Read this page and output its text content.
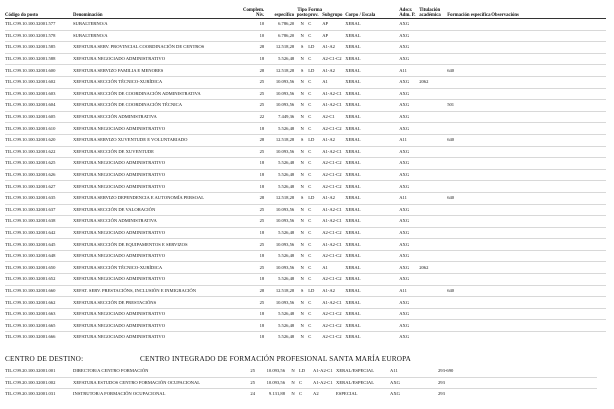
Código do posto	Denominación	Complem. Nív.	específico	Tipo posto	Forma prov.	Subgrupo	Corpo / Escala	Adscr. Adm. P.	Titulación académica	Formación específica	Observacións
TIL.C99.10.100.32001.577	SUBALTERNO/A	10	6.786,20	N	C	AP	XERAL	AXG			
TIL.C99.10.100.32001.578	SUBALTERNO/A	10	6.786,20	N	C	AP	XERAL	AXG			
TIL.C99.10.100.32001.585	XEFATURA SERV. PROVINCIAL COORDINACIÓN DE CENTROS	28	12.518,28	S	LD	A1-A2	XERAL	AXG			
TIL.C99.10.100.32001.588	XEFATURA NEGOCIADO ADMINISTRATIVO	18	5.526,48	N	C	A2-C1-C2	XERAL	AXG			
TIL.C99.10.100.32001.600	XEFATURA SERVIZO FAMILIA E MENORES	28	12.518,28	S	LD	A1-A2	XERAL	A11		640	
TIL.C99.10.100.32001.602	XEFATURA SECCIÓN TÉCNICO-XURÍDICA	25	10.093,56	N	C	A1	XERAL	AXG	2062		
TIL.C99.10.100.32001.603	XEFATURA SECCIÓN DE COORDINACIÓN ADMINISTRATIVA	25	10.093,56	N	C	A1-A2-C1	XERAL	AXG			
TIL.C99.10.100.32001.604	XEFATURA SECCIÓN DE COORDINACIÓN TÉCNICA	25	10.093,56	N	C	A1-A2-C1	XERAL	AXG		501	
TIL.C99.10.100.32001.605	XEFATURA SECCIÓN ADMINISTRATIVA	22	7.449,36	N	C	A2-C1	XERAL	AXG			
TIL.C99.10.100.32001.610	XEFATURA NEGOCIADO ADMINISTRATIVO	18	5.526,48	N	C	A2-C1-C2	XERAL	AXG			
TIL.C99.10.100.32001.620	XEFATURA SERVIZO XUVENTUDE E VOLUNTARIADO	28	12.518,28	S	LD	A1-A2	XERAL	A11		640	
TIL.C99.10.100.32001.622	XEFATURA SECCIÓN DE XUVENTUDE	25	10.093,56	N	C	A1-A2-C1	XERAL	AXG			
TIL.C99.10.100.32001.625	XEFATURA NEGOCIADO ADMINISTRATIVO	18	5.526,48	N	C	A2-C1-C2	XERAL	AXG			
TIL.C99.10.100.32001.626	XEFATURA NEGOCIADO ADMINISTRATIVO	18	5.526,48	N	C	A2-C1-C2	XERAL	AXG			
TIL.C99.10.100.32001.627	XEFATURA NEGOCIADO ADMINISTRATIVO	18	5.526,48	N	C	A2-C1-C2	XERAL	AXG			
TIL.C99.10.100.32001.635	XEFATURA SERVIZO DEPENDENCIA E AUTONOMÍA PERSOAL	28	12.518,28	S	LD	A1-A2	XERAL	A11		640	
TIL.C99.10.100.32001.637	XEFATURA SECCIÓN DE VALORACIÓN	25	10.093,56	N	C	A1-A2-C1	XERAL	AXG			
TIL.C99.10.100.32001.638	XEFATURA SECCIÓN ADMINISTRATIVA	25	10.093,56	N	C	A1-A2-C1	XERAL	AXG			
TIL.C99.10.100.32001.642	XEFATURA NEGOCIADO ADMINISTRATIVO	18	5.526,48	N	C	A2-C1-C2	XERAL	AXG			
TIL.C99.10.100.32001.645	XEFATURA SECCIÓN DE EQUIPAMENTOS E SERVIZOS	25	10.093,56	N	C	A1-A2-C1	XERAL	AXG			
TIL.C99.10.100.32001.648	XEFATURA NEGOCIADO ADMINISTRATIVO	18	5.526,48	N	C	A2-C1-C2	XERAL	AXG			
TIL.C99.10.100.32001.650	XEFATURA SECCIÓN TÉCNICO-XURÍDICA	25	10.093,56	N	C	A1	XERAL	AXG	2062		
TIL.C99.10.100.32001.652	XEFATURA NEGOCIADO ADMINISTRATIVO	18	5.526,48	N	C	A2-C1-C2	XERAL	AXG			
TIL.C99.10.100.32001.660	XEFAT. SERV. PRESTACIÓNS, INCLUSIÓN E INMIGRACIÓN	28	12.518,28	S	LD	A1-A2	XERAL	A11		640	
TIL.C99.10.100.32001.662	XEFATURA SECCIÓN DE PRESTACIÓNS	25	10.093,56	N	C	A1-A2-C1	XERAL	AXG			
TIL.C99.10.100.32001.663	XEFATURA NEGOCIADO ADMINISTRATIVO	18	5.526,48	N	C	A2-C1-C2	XERAL	AXG			
TIL.C99.10.100.32001.665	XEFATURA NEGOCIADO ADMINISTRATIVO	18	5.526,48	N	C	A2-C1-C2	XERAL	AXG			
TIL.C99.10.100.32001.666	XEFATURA NEGOCIADO ADMINISTRATIVO	18	5.526,48	N	C	A2-C1-C2	XERAL	AXG			
CENTRO DE DESTINO:	CENTRO INTEGRADO DE FORMACIÓN PROFESIONAL SANTA MARÍA EUROPA
TIL.C99.20.100.32001.001	DIRECTOR/A CENTRO FORMACIÓN	25	10.093,56	N	LD	A1-A2-C1	XERAL/ESPECIAL	A11		293-690	
TIL.C99.20.100.32001.002	XEFATURA ESTUDOS CENTRO FORMACIÓN OCUPACIONAL	25	10.093,56	N	C	A1-A2-C1	XERAL/ESPECIAL	AXG		293	
TIL.C99.20.100.32001.031	INSTRUTOR/A FORMACIÓN OCUPACIONAL	24	9.131,88	N	C	A2	ESPECIAL	AXG		293	
